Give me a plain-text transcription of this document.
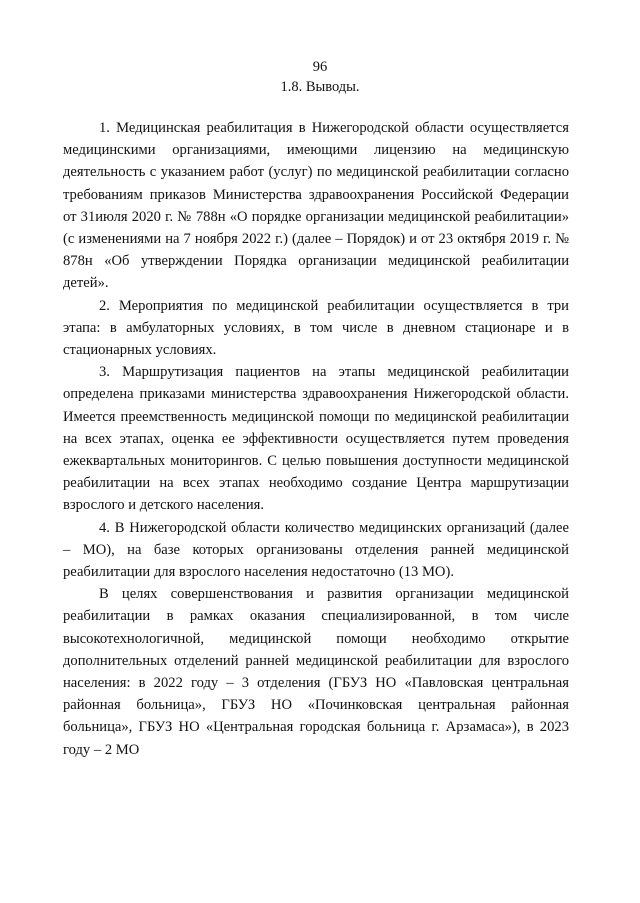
96
1.8. Выводы.

1. Медицинская реабилитация в Нижегородской области осуществляется медицинскими организациями, имеющими лицензию на медицинскую деятельность с указанием работ (услуг) по медицинской реабилитации согласно требованиям приказов Министерства здравоохранения Российской Федерации от 31июля 2020 г. № 788н «О порядке организации медицинской реабилитации» (с изменениями на 7 ноября 2022 г.) (далее – Порядок) и от 23 октября 2019 г. № 878н «Об утверждении Порядка организации медицинской реабилитации детей».

2. Мероприятия по медицинской реабилитации осуществляется в три этапа: в амбулаторных условиях, в том числе в дневном стационаре и в стационарных условиях.

3. Маршрутизация пациентов на этапы медицинской реабилитации определена приказами министерства здравоохранения Нижегородской области. Имеется преемственность медицинской помощи по медицинской реабилитации на всех этапах, оценка ее эффективности осуществляется путем проведения ежеквартальных мониторингов. С целью повышения доступности медицинской реабилитации на всех этапах необходимо создание Центра маршрутизации взрослого и детского населения.

4. В Нижегородской области количество медицинских организаций (далее – МО), на базе которых организованы отделения ранней медицинской реабилитации для взрослого населения недостаточно (13 МО).

В целях совершенствования и развития организации медицинской реабилитации в рамках оказания специализированной, в том числе высокотехнологичной, медицинской помощи необходимо открытие дополнительных отделений ранней медицинской реабилитации для взрослого населения: в 2022 году – 3 отделения (ГБУЗ НО «Павловская центральная районная больница», ГБУЗ НО «Починковская центральная районная больница», ГБУЗ НО «Центральная городская больница г. Арзамаса»), в 2023 году – 2 МО
